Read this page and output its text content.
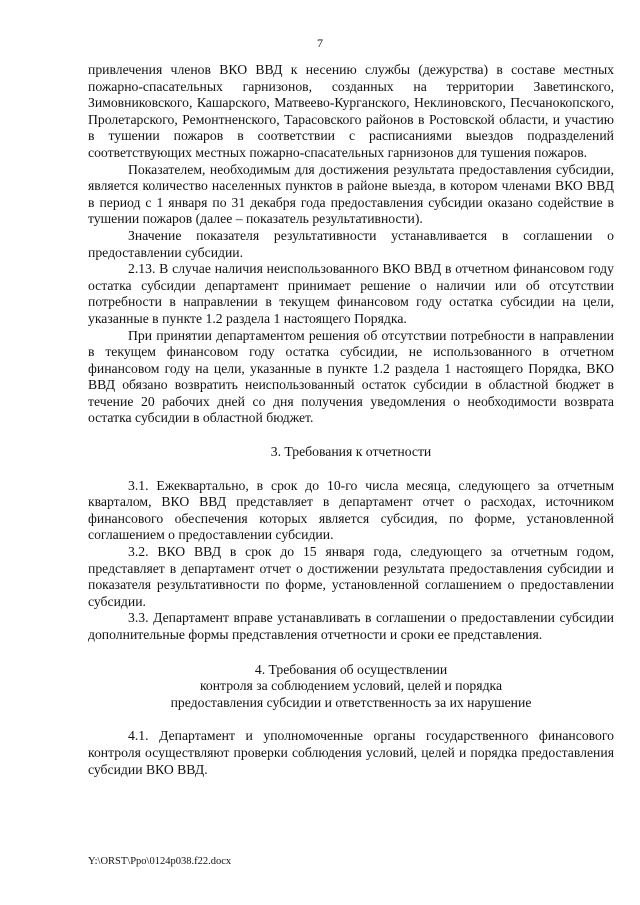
7

привлечения членов ВКО ВВД к несению службы (дежурства) в составе местных пожарно-спасательных гарнизонов, созданных на территории Заветинского, Зимовниковского, Кашарского, Матвеево-Курганского, Неклиновского, Песчанокопского, Пролетарского, Ремонтненского, Тарасовского районов в Ростовской области, и участию в тушении пожаров в соответствии с расписаниями выездов подразделений соответствующих местных пожарно-спасательных гарнизонов для тушения пожаров.

Показателем, необходимым для достижения результата предоставления субсидии, является количество населенных пунктов в районе выезда, в котором членами ВКО ВВД в период с 1 января по 31 декабря года предоставления субсидии оказано содействие в тушении пожаров (далее – показатель результативности).

Значение показателя результативности устанавливается в соглашении о предоставлении субсидии.

2.13. В случае наличия неиспользованного ВКО ВВД в отчетном финансовом году остатка субсидии департамент принимает решение о наличии или об отсутствии потребности в направлении в текущем финансовом году остатка субсидии на цели, указанные в пункте 1.2 раздела 1 настоящего Порядка.

При принятии департаментом решения об отсутствии потребности в направлении в текущем финансовом году остатка субсидии, не использованного в отчетном финансовом году на цели, указанные в пункте 1.2 раздела 1 настоящего Порядка, ВКО ВВД обязано возвратить неиспользованный остаток субсидии в областной бюджет в течение 20 рабочих дней со дня получения уведомления о необходимости возврата остатка субсидии в областной бюджет.

3. Требования к отчетности

3.1. Ежеквартально, в срок до 10-го числа месяца, следующего за отчетным кварталом, ВКО ВВД представляет в департамент отчет о расходах, источником финансового обеспечения которых является субсидия, по форме, установленной соглашением о предоставлении субсидии.

3.2. ВКО ВВД в срок до 15 января года, следующего за отчетным годом, представляет в департамент отчет о достижении результата предоставления субсидии и показателя результативности по форме, установленной соглашением о предоставлении субсидии.

3.3. Департамент вправе устанавливать в соглашении о предоставлении субсидии дополнительные формы представления отчетности и сроки ее представления.

4. Требования об осуществлении
контроля за соблюдением условий, целей и порядка
предоставления субсидии и ответственность за их нарушение

4.1. Департамент и уполномоченные органы государственного финансового контроля осуществляют проверки соблюдения условий, целей и порядка предоставления субсидии ВКО ВВД.

Y:\ORST\Ppo\0124p038.f22.docx
